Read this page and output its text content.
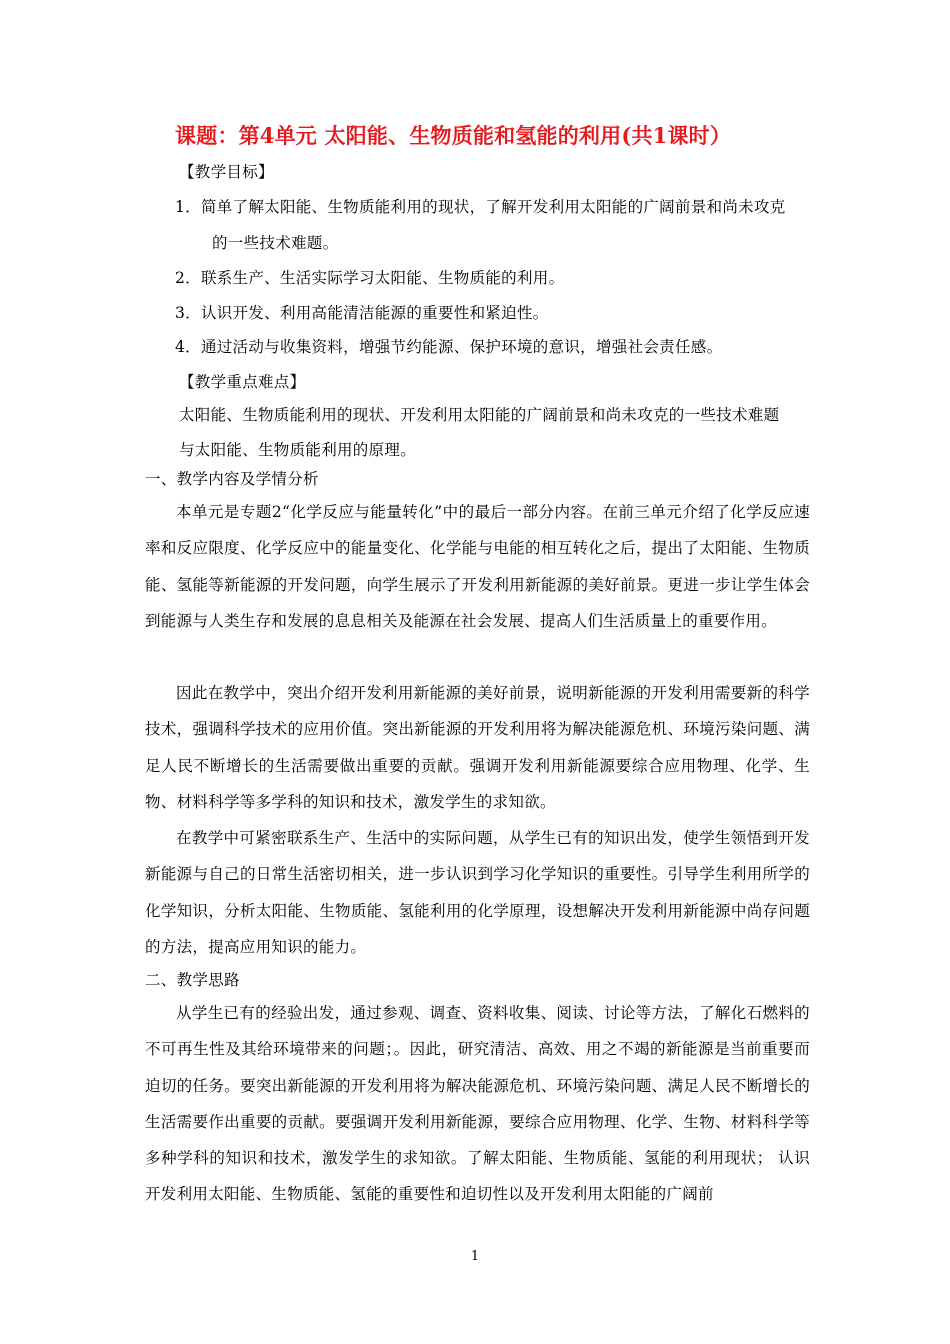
课题：第4单元 太阳能、生物质能和氢能的利用(共1课时）
【教学目标】
1．简单了解太阳能、生物质能利用的现状，了解开发利用太阳能的广阔前景和尚未攻克
的一些技术难题。
2．联系生产、生活实际学习太阳能、生物质能的利用。
3．认识开发、利用高能清洁能源的重要性和紧迫性。
4．通过活动与收集资料，增强节约能源、保护环境的意识，增强社会责任感。
【教学重点难点】
太阳能、生物质能利用的现状、开发利用太阳能的广阔前景和尚未攻克的一些技术难题
与太阳能、生物质能利用的原理。
一、教学内容及学情分析
本单元是专题2“化学反应与能量转化”中的最后一部分内容。在前三单元介绍了化学反应速率和反应限度、化学反应中的能量变化、化学能与电能的相互转化之后，提出了太阳能、生物质能、氢能等新能源的开发问题，向学生展示了开发利用新能源的美好前景。更进一步让学生体会到能源与人类生存和发展的息息相关及能源在社会发展、提高人们生活质量上的重要作用。
因此在教学中，突出介绍开发利用新能源的美好前景，说明新能源的开发利用需要新的科学技术，强调科学技术的应用价值。突出新能源的开发利用将为解决能源危机、环境污染问题、满足人民不断增长的生活需要做出重要的贡献。强调开发利用新能源要综合应用物理、化学、生物、材料科学等多学科的知识和技术，激发学生的求知欲。
在教学中可紧密联系生产、生活中的实际问题，从学生已有的知识出发，使学生领悟到开发新能源与自己的日常生活密切相关，进一步认识到学习化学知识的重要性。引导学生利用所学的化学知识，分析太阳能、生物质能、氢能利用的化学原理，设想解决开发利用新能源中尚存问题的方法，提高应用知识的能力。
二、教学思路
从学生已有的经验出发，通过参观、调查、资料收集、阅读、讨论等方法，了解化石燃料的不可再生性及其给环境带来的问题；。因此，研究清洁、高效、用之不竭的新能源是当前重要而迫切的任务。要突出新能源的开发利用将为解决能源危机、环境污染问题、满足人民不断增长的生活需要作出重要的贡献。要强调开发利用新能源，要综合应用物理、化学、生物、材料科学等多种学科的知识和技术，激发学生的求知欲。了解太阳能、生物质能、氢能的利用现状； 认识开发利用太阳能、生物质能、氢能的重要性和迫切性以及开发利用太阳能的广阔前
1
